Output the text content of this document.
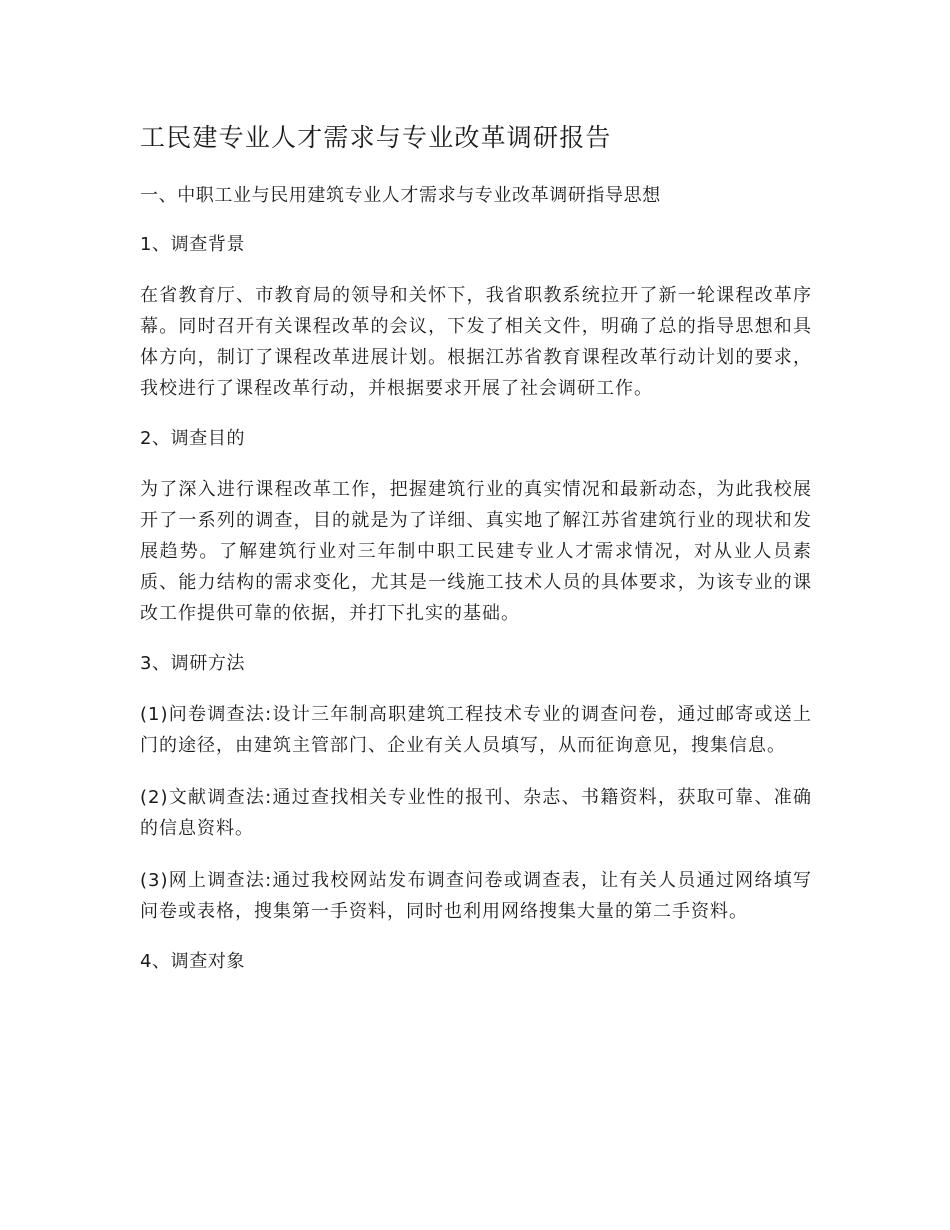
工民建专业人才需求与专业改革调研报告

一、中职工业与民用建筑专业人才需求与专业改革调研指导思想

1、调查背景

在省教育厅、市教育局的领导和关怀下，我省职教系统拉开了新一轮课程改革序幕。同时召开有关课程改革的会议，下发了相关文件，明确了总的指导思想和具体方向，制订了课程改革进展计划。根据江苏省教育课程改革行动计划的要求，我校进行了课程改革行动，并根据要求开展了社会调研工作。

2、调查目的

为了深入进行课程改革工作，把握建筑行业的真实情况和最新动态，为此我校展开了一系列的调查，目的就是为了详细、真实地了解江苏省建筑行业的现状和发展趋势。了解建筑行业对三年制中职工民建专业人才需求情况，对从业人员素质、能力结构的需求变化，尤其是一线施工技术人员的具体要求，为该专业的课改工作提供可靠的依据，并打下扎实的基础。

3、调研方法

(1)问卷调查法:设计三年制高职建筑工程技术专业的调查问卷，通过邮寄或送上门的途径，由建筑主管部门、企业有关人员填写，从而征询意见，搜集信息。

(2)文献调查法:通过查找相关专业性的报刊、杂志、书籍资料，获取可靠、准确的信息资料。

(3)网上调查法:通过我校网站发布调查问卷或调查表，让有关人员通过网络填写问卷或表格，搜集第一手资料，同时也利用网络搜集大量的第二手资料。

4、调查对象
